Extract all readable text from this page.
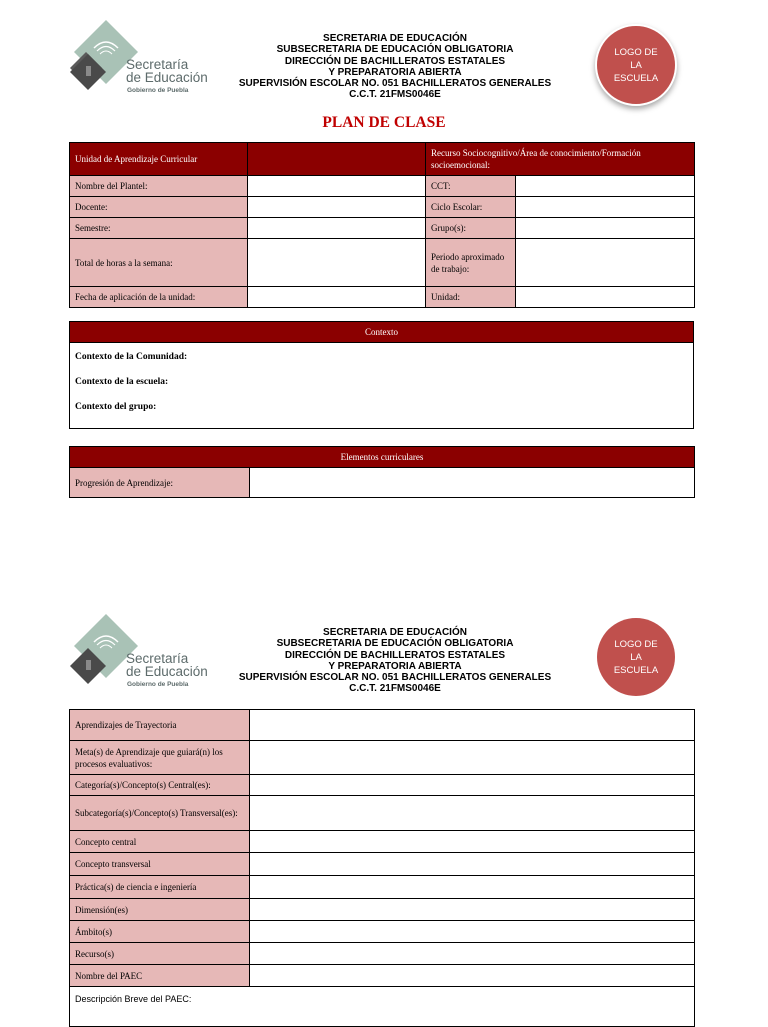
Secretaría
de Educación
Gobierno de Puebla
SECRETARIA DE EDUCACIÓN
SUBSECRETARIA DE EDUCACIÓN OBLIGATORIA
DIRECCIÓN DE BACHILLERATOS ESTATALES
Y PREPARATORIA ABIERTA
SUPERVISIÓN ESCOLAR NO. 051 BACHILLERATOS GENERALES
C.C.T. 21FMS0046E
LOGO DE
LA
ESCUELA
PLAN DE CLASE
Unidad de Aprendizaje Curricular		Recurso Sociocognitivo/Área de conocimiento/Formación socioemocional:	
Nombre del Plantel:		CCT:	
Docente:		Ciclo Escolar:	
Semestre:		Grupo(s):	
Total de horas a la semana:		Periodo aproximado de trabajo:	
Fecha de aplicación de la unidad:		Unidad:	
Contexto

Contexto de la Comunidad:
Contexto de la escuela:
Contexto del grupo:
Elementos curriculares
Progresión de Aprendizaje:	
Secretaría
de Educación
Gobierno de Puebla
SECRETARIA DE EDUCACIÓN
SUBSECRETARIA DE EDUCACIÓN OBLIGATORIA
DIRECCIÓN DE BACHILLERATOS ESTATALES
Y PREPARATORIA ABIERTA
SUPERVISIÓN ESCOLAR NO. 051 BACHILLERATOS GENERALES
C.C.T. 21FMS0046E
LOGO DE
LA
ESCUELA
Aprendizajes de Trayectoria	
Meta(s) de Aprendizaje que guiará(n) los procesos evaluativos:	
Categoría(s)/Concepto(s) Central(es):	
Subcategoría(s)/Concepto(s) Transversal(es):	
Concepto central	
Concepto transversal	
Práctica(s) de ciencia e ingeniería	
Dimensión(es)	
Ámbito(s)	
Recurso(s)	
Nombre del PAEC	
Descripción Breve del PAEC:	
